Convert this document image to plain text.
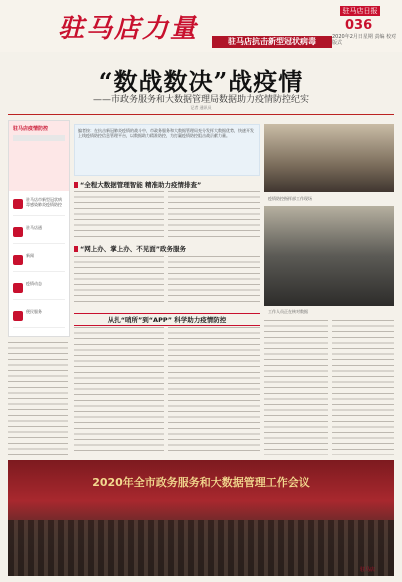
驻马店力量	驻马店抗击新型冠状病毒
驻马店日报
036
2020年2月日星期 责编 校对 版式
“数战数决”战疫情
——市政务服务和大数据管理局数据助力疫情防控纪实
记者 通讯员
驻马店疫情防控
驻马店市新型冠状病毒感染肺炎疫情防控
驻马店通
新闻
疫情动态
便民服务
编者按：在抗击新冠肺炎疫情的战斗中，市政务服务和大数据管理局充分发挥大数据优势，快速开发上线疫情防控信息管理平台，以数据助力精准防控，为打赢疫情防控阻击战贡献力量。
“全程大数据管理智能 精准助力疫情排查”
“网上办、掌上办、不见面”政务服务
疫情防控指挥部工作现场
工作人员正在核对数据
从扎“哨所”到“APP” 科学助力疫情防控
2020年全市政务服务和大数据管理工作会议
驻马店
